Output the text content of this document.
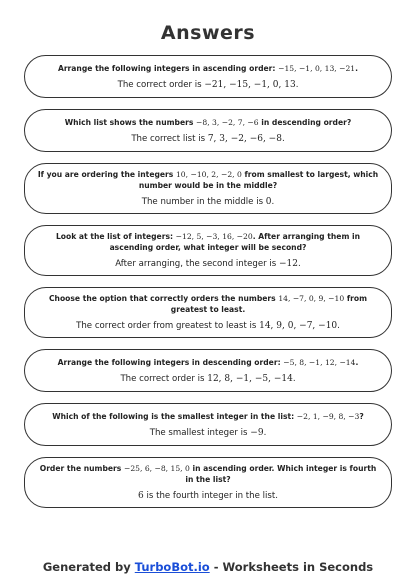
Answers
Arrange the following integers in ascending order: −15, −1, 0, 13, −21.
The correct order is −21, −15, −1, 0, 13.
Which list shows the numbers −8, 3, −2, 7, −6 in descending order?
The correct list is 7, 3, −2, −6, −8.
If you are ordering the integers 10, −10, 2, −2, 0 from smallest to largest, which number would be in the middle?
The number in the middle is 0.
Look at the list of integers: −12, 5, −3, 16, −20. After arranging them in ascending order, what integer will be second?
After arranging, the second integer is −12.
Choose the option that correctly orders the numbers 14, −7, 0, 9, −10 from greatest to least.
The correct order from greatest to least is 14, 9, 0, −7, −10.
Arrange the following integers in descending order: −5, 8, −1, 12, −14.
The correct order is 12, 8, −1, −5, −14.
Which of the following is the smallest integer in the list: −2, 1, −9, 8, −3?
The smallest integer is −9.
Order the numbers −25, 6, −8, 15, 0 in ascending order. Which integer is fourth in the list?
6 is the fourth integer in the list.
Generated by TurboBot.io - Worksheets in Seconds
